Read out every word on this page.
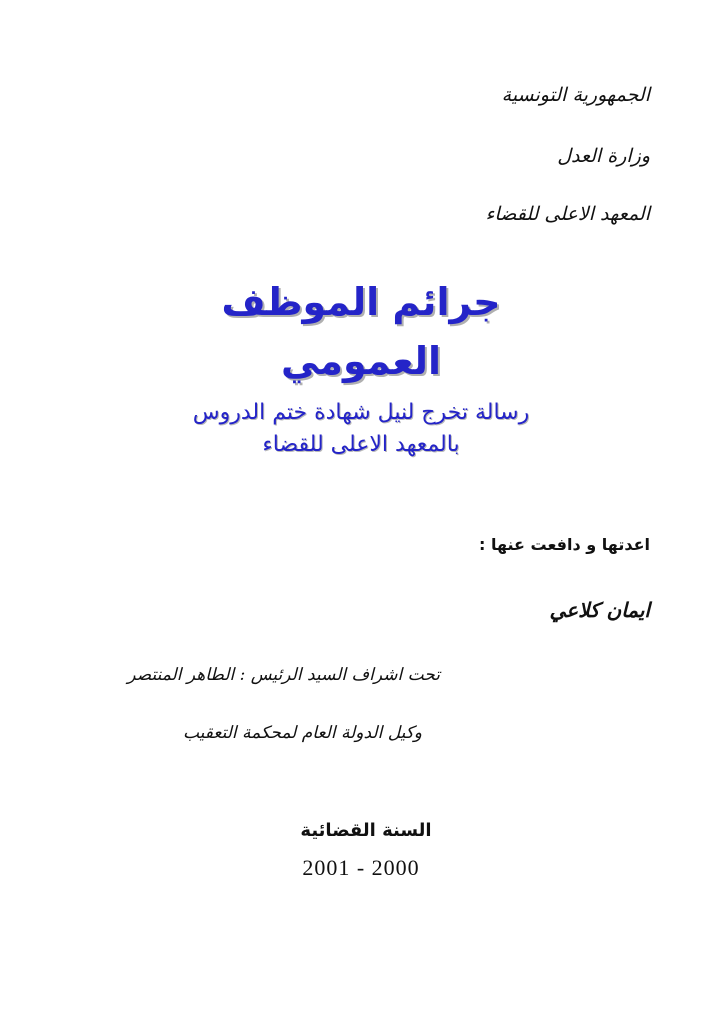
الجمهورية التونسية
وزارة العدل
المعهد الاعلى للقضاء
جرائم الموظف
العمومي
رسالة تخرج لنيل شهادة ختم الدروس
بالمعهد الاعلى للقضاء
اعدتها و دافعت عنها :
ايمان كلاعي
تحت اشراف السيد الرئيس : الطاهر المنتصر
وكيل الدولة العام لمحكمة التعقيب
السنة القضائية
2001 - 2000
